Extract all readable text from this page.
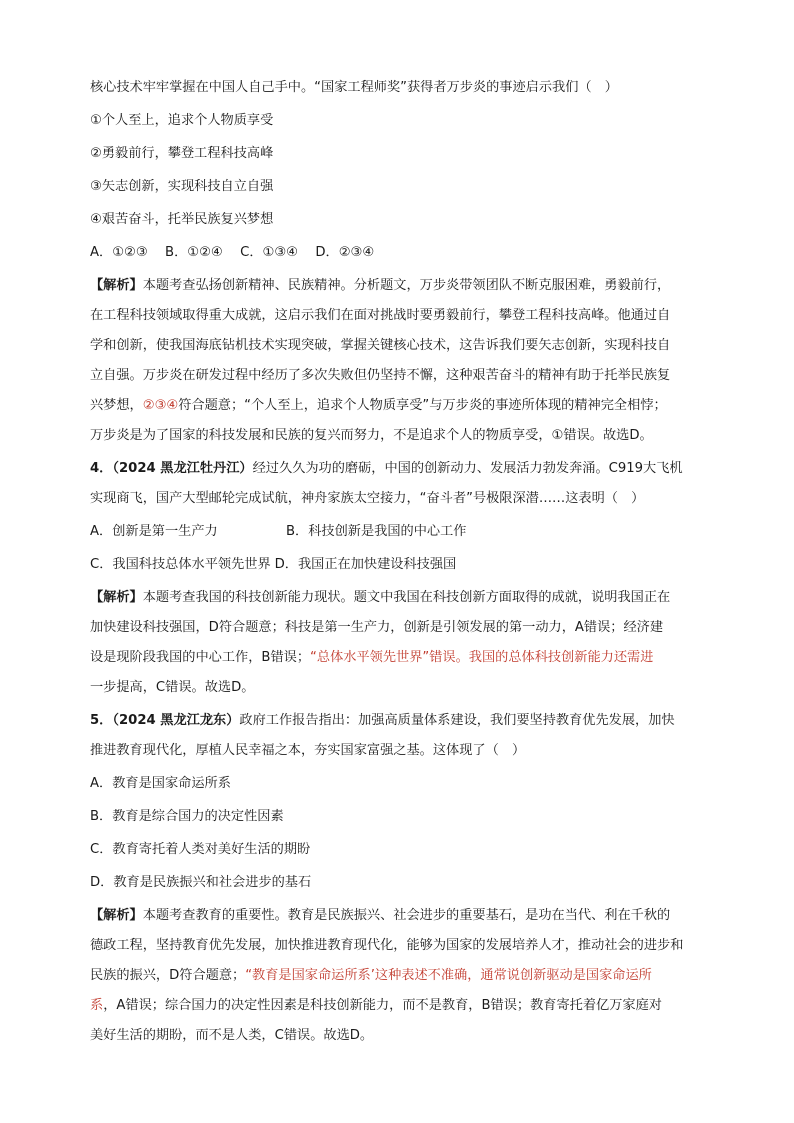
核心技术牢牢掌握在中国人自己手中。“国家工程师奖”获得者万步炎的事迹启示我们（　）
①个人至上，追求个人物质享受
②勇毅前行，攀登工程科技高峰
③矢志创新，实现科技自立自强
④艰苦奋斗，托举民族复兴梦想
A．①②③　 B．①②④　 C．①③④　 D．②③④
【解析】本题考查弘扬创新精神、民族精神。分析题文，万步炎带领团队不断克服困难，勇毅前行，
在工程科技领域取得重大成就，这启示我们在面对挑战时要勇毅前行，攀登工程科技高峰。他通过自
学和创新，使我国海底钻机技术实现突破，掌握关键核心技术，这告诉我们要矢志创新，实现科技自
立自强。万步炎在研发过程中经历了多次失败但仍坚持不懈，这种艰苦奋斗的精神有助于托举民族复
兴梦想，②③④符合题意；“个人至上，追求个人物质享受”与万步炎的事迹所体现的精神完全相悖；
万步炎是为了国家的科技发展和民族的复兴而努力，不是追求个人的物质享受，①错误。故选D。
4．（2024 黑龙江牡丹江）经过久久为功的磨砺，中国的创新动力、发展活力勃发奔涌。C919大飞机
实现商飞，国产大型邮轮完成试航，神舟家族太空接力，“奋斗者”号极限深潜……这表明（　）
A．创新是第一生产力	B．科技创新是我国的中心工作
C．我国科技总体水平领先世界 D．我国正在加快建设科技强国
【解析】本题考查我国的科技创新能力现状。题文中我国在科技创新方面取得的成就，说明我国正在
加快建设科技强国，D符合题意；科技是第一生产力，创新是引领发展的第一动力，A错误；经济建
设是现阶段我国的中心工作，B错误；“总体水平领先世界”错误。我国的总体科技创新能力还需进
一步提高，C错误。故选D。
5．（2024 黑龙江龙东）政府工作报告指出：加强高质量体系建设，我们要坚持教育优先发展，加快
推进教育现代化，厚植人民幸福之本，夯实国家富强之基。这体现了（　）
A．教育是国家命运所系
B．教育是综合国力的决定性因素
C．教育寄托着人类对美好生活的期盼
D．教育是民族振兴和社会进步的基石
【解析】本题考查教育的重要性。教育是民族振兴、社会进步的重要基石，是功在当代、利在千秋的
德政工程，坚持教育优先发展，加快推进教育现代化，能够为国家的发展培养人才，推动社会的进步和
民族的振兴，D符合题意；“教育是国家命运所系’这种表述不准确，通常说创新驱动是国家命运所
系，A错误；综合国力的决定性因素是科技创新能力，而不是教育，B错误；教育寄托着亿万家庭对
美好生活的期盼，而不是人类，C错误。故选D。
